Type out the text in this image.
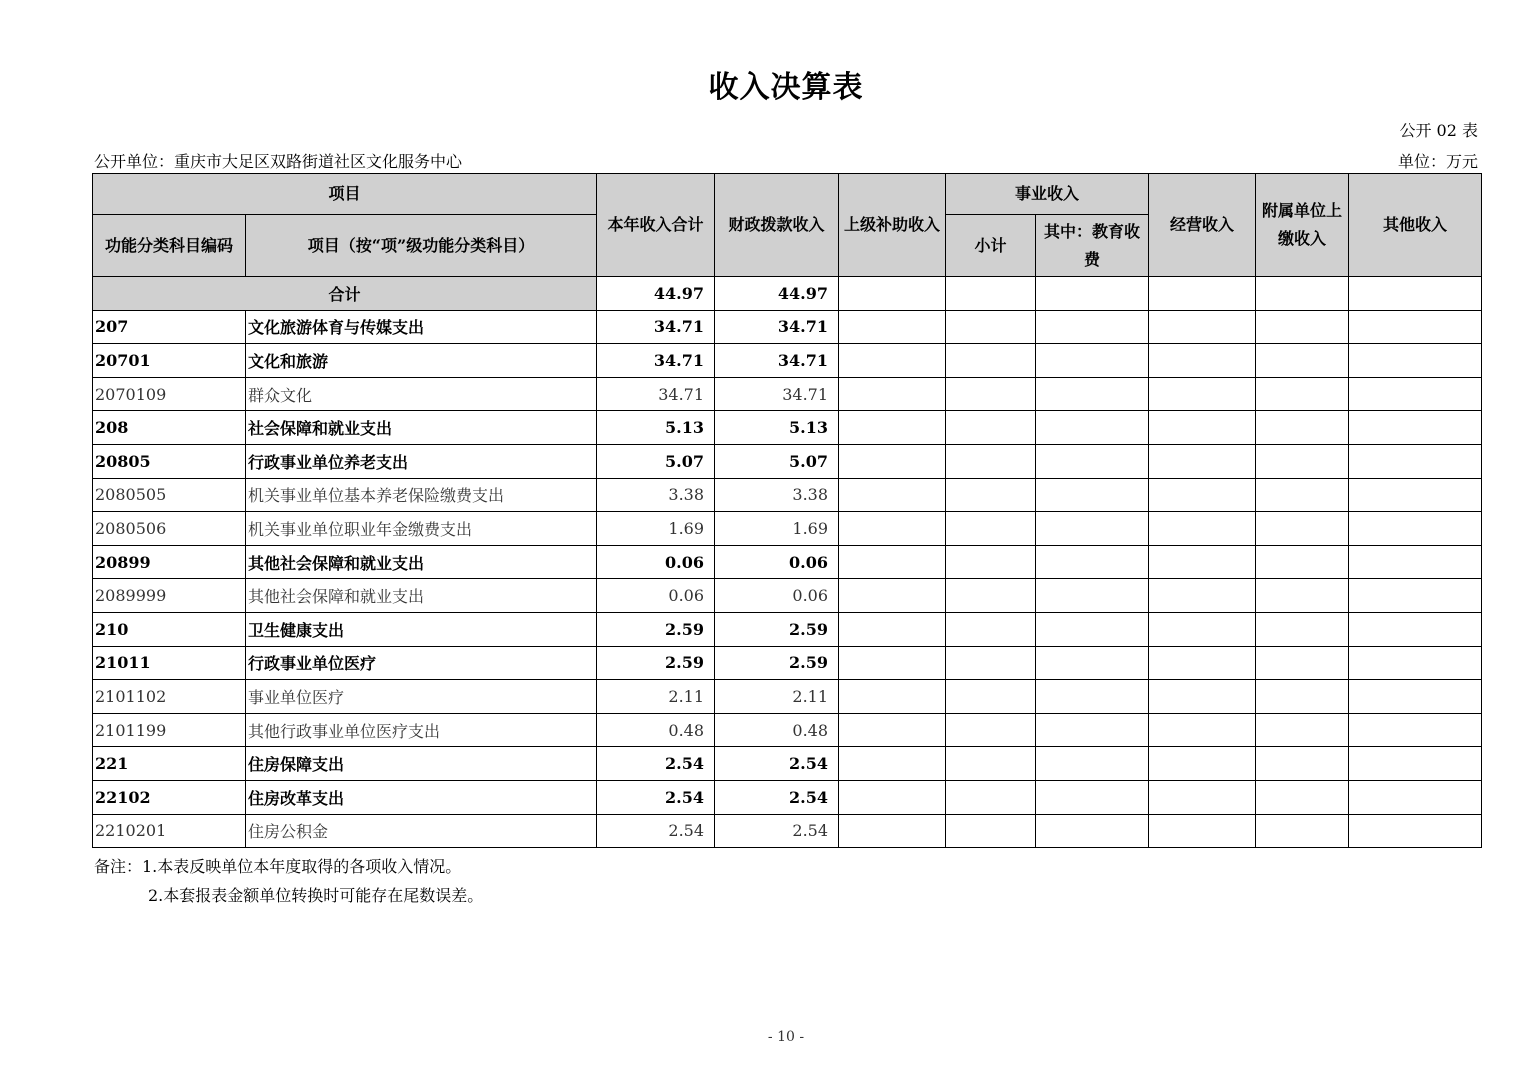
收入决算表
公开 02 表
公开单位：重庆市大足区双路街道社区文化服务中心	单位：万元
项目		本年收入合计	财政拨款收入	上级补助收入	事业收入		经营收入	附属单位上缴收入	其他收入
功能分类科目编码	项目（按“项”级功能分类科目）				小计	其中：教育收费			
合计		44.97	44.97						
207	文化旅游体育与传媒支出	34.71	34.71						
20701	文化和旅游	34.71	34.71						
2070109	群众文化	34.71	34.71						
208	社会保障和就业支出	5.13	5.13						
20805	行政事业单位养老支出	5.07	5.07						
2080505	机关事业单位基本养老保险缴费支出	3.38	3.38						
2080506	机关事业单位职业年金缴费支出	1.69	1.69						
20899	其他社会保障和就业支出	0.06	0.06						
2089999	其他社会保障和就业支出	0.06	0.06						
210	卫生健康支出	2.59	2.59						
21011	行政事业单位医疗	2.59	2.59						
2101102	事业单位医疗	2.11	2.11						
2101199	其他行政事业单位医疗支出	0.48	0.48						
221	住房保障支出	2.54	2.54						
22102	住房改革支出	2.54	2.54						
2210201	住房公积金	2.54	2.54						
备注：1.本表反映单位本年度取得的各项收入情况。
2.本套报表金额单位转换时可能存在尾数误差。
- 10 -
